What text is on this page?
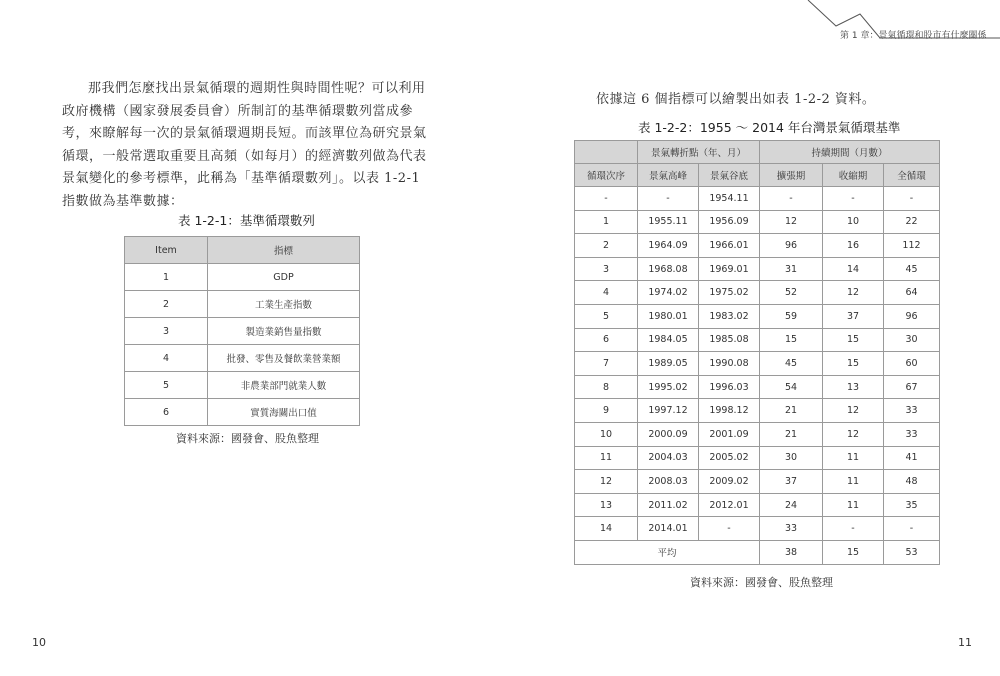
第 1 章：景氣循環和股市有什麼關係
那我們怎麼找出景氣循環的週期性與時間性呢？可以利用政府機構（國家發展委員會）所制訂的基準循環數列當成參考，來瞭解每一次的景氣循環週期長短。而該單位為研究景氣循環，一般常選取重要且高頻（如每月）的經濟數列做為代表景氣變化的參考標準，此稱為「基準循環數列」。以表 1-2-1 指數做為基準數據：
表 1-2-1：基準循環數列
Item	指標
1	GDP
2	工業生產指數
3	製造業銷售量指數
4	批發、零售及餐飲業營業額
5	非農業部門就業人數
6	實質海關出口值
資料來源：國發會、股魚整理
10
依據這 6 個指標可以繪製出如表 1-2-2 資料。
表 1-2-2：1955 ～ 2014 年台灣景氣循環基準
	景氣轉折點（年、月）		持續期間（月數）		
循環次序	景氣高峰	景氣谷底	擴張期	收縮期	全循環
-	-	1954.11	-	-	-
1	1955.11	1956.09	12	10	22
2	1964.09	1966.01	96	16	112
3	1968.08	1969.01	31	14	45
4	1974.02	1975.02	52	12	64
5	1980.01	1983.02	59	37	96
6	1984.05	1985.08	15	15	30
7	1989.05	1990.08	45	15	60
8	1995.02	1996.03	54	13	67
9	1997.12	1998.12	21	12	33
10	2000.09	2001.09	21	12	33
11	2004.03	2005.02	30	11	41
12	2008.03	2009.02	37	11	48
13	2011.02	2012.01	24	11	35
14	2014.01	-	33	-	-
平均			38	15	53
資料來源：國發會、股魚整理
11
